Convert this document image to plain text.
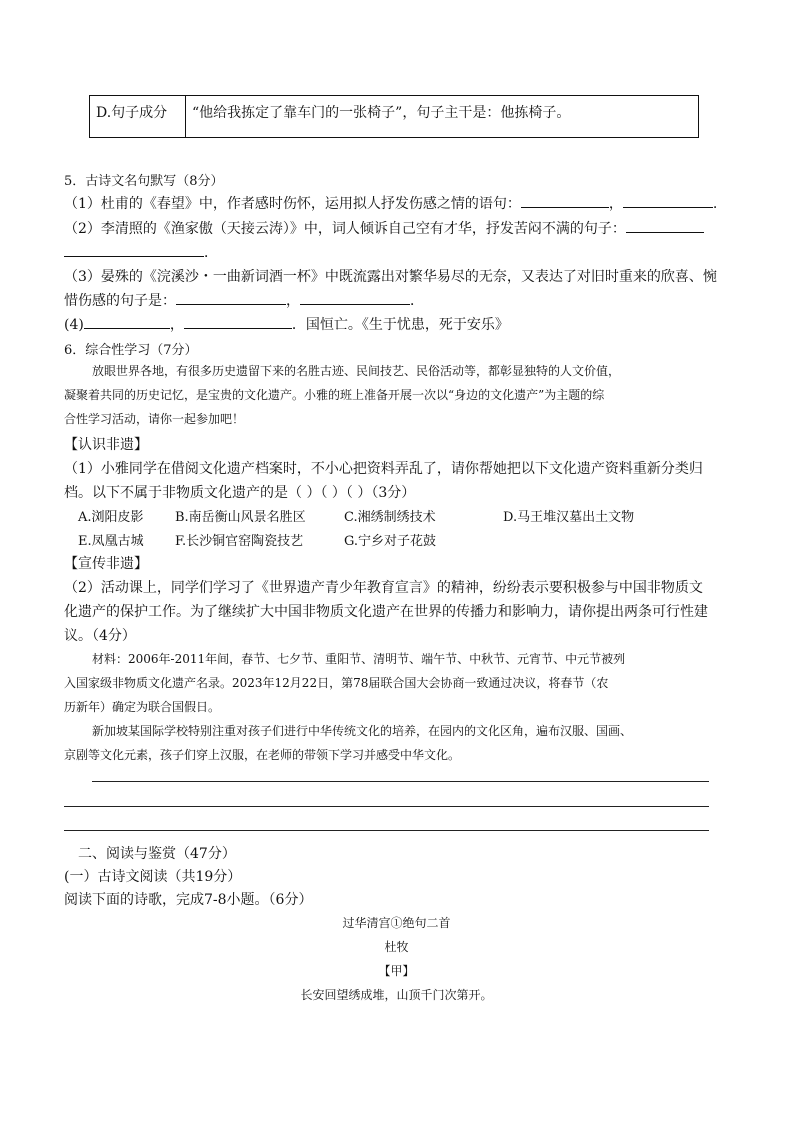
D.句子成分	“他给我拣定了靠车门的一张椅子”，句子主干是：他拣椅子。
5．古诗文名句默写（8分）
（1）杜甫的《春望》中，作者感时伤怀，运用拟人抒发伤感之情的语句：	，	.
（2）李清照的《渔家傲（天接云涛）》中，词人倾诉自己空有才华，抒发苦闷不满的句子：
．
（3）晏殊的《浣溪沙・一曲新词酒一杯》中既流露出对繁华易尽的无奈，又表达了对旧时重来的欣喜、惋
惜伤感的句子是：	，	．
(4)	，	．国恒亡。《生于忧患，死于安乐》
6．综合性学习（7分）
放眼世界各地，有很多历史遗留下来的名胜古迹、民间技艺、民俗活动等，都彰显独特的人文价值，
凝聚着共同的历史记忆，是宝贵的文化遗产。小雅的班上准备开展一次以“身边的文化遗产”为主题的综
合性学习活动，请你一起参加吧！
【认识非遗】
（1）小雅同学在借阅文化遗产档案时，不小心把资料弄乱了，请你帮她把以下文化遗产资料重新分类归
档。以下不属于非物质文化遗产的是（ ）（ ）（ ）（3分）
A.浏阳皮影 B.南岳衡山风景名胜区	C.湘绣制绣技术	D.马王堆汉墓出土文物
E.凤凰古城 F.长沙铜官窑陶瓷技艺	G.宁乡对子花鼓
【宣传非遗】
（2）活动课上，同学们学习了《世界遗产青少年教育宣言》的精神，纷纷表示要积极参与中国非物质文
化遗产的保护工作。为了继续扩大中国非物质文化遗产在世界的传播力和影响力，请你提出两条可行性建
议。（4分）
材料：2006年-2011年间，春节、七夕节、重阳节、清明节、端午节、中秋节、元宵节、中元节被列
入国家级非物质文化遗产名录。2023年12月22日，第78届联合国大会协商一致通过决议，将春节（农
历新年）确定为联合国假日。
新加坡某国际学校特别注重对孩子们进行中华传统文化的培养，在园内的文化区角，遍布汉服、国画、
京剧等文化元素，孩子们穿上汉服，在老师的带领下学习并感受中华文化。
二、阅读与鉴赏（47分）
(一）古诗文阅读（共19分）
阅读下面的诗歌，完成7-8小题。（6分）
过华清宫①绝句二首
杜牧
【甲】
长安回望绣成堆，山顶千门次第开。
